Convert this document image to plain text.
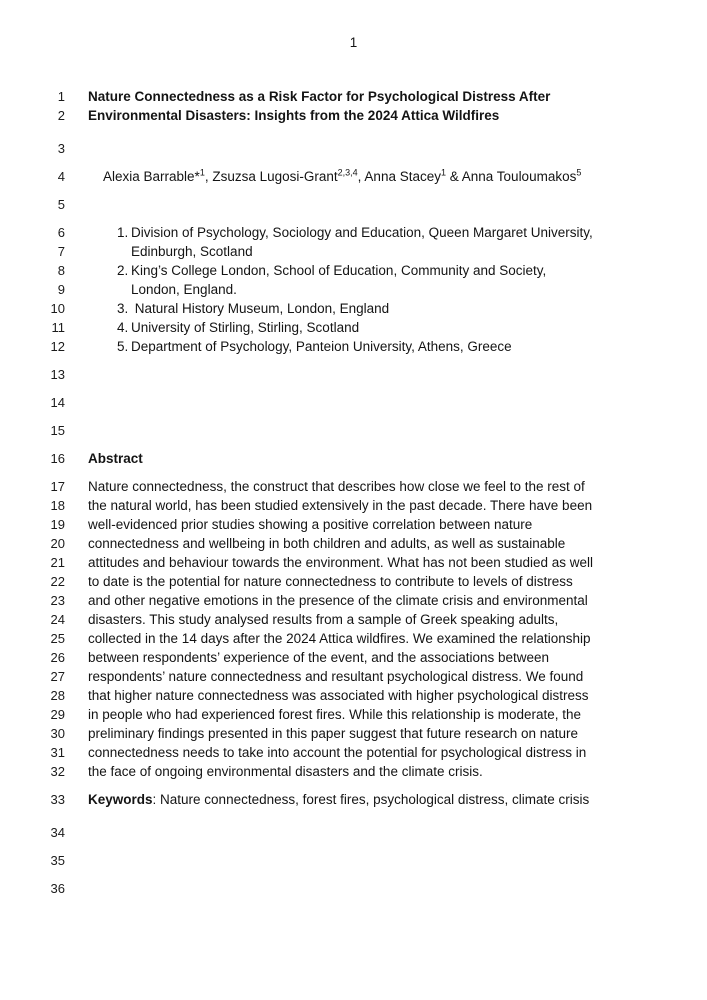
1
1 Nature Connectedness as a Risk Factor for Psychological Distress After
2 Environmental Disasters: Insights from the 2024 Attica Wildfires
3
4	Alexia Barrable*$^1$, Zsuzsa Lugosi-Grant$^{2,3,4}$, Anna Stacey$^1$ & Anna Touloumakos$^5$
5
6	1. Division of Psychology, Sociology and Education, Queen Margaret University,
7	Edinburgh, Scotland
8	2. King’s College London, School of Education, Community and Society,
9	London, England.
10	3. Natural History Museum, London, England
11	4. University of Stirling, Stirling, Scotland
12	5. Department of Psychology, Panteion University, Athens, Greece
13
14
15
16 Abstract
17 Nature connectedness, the construct that describes how close we feel to the rest of
18 the natural world, has been studied extensively in the past decade. There have been
19 well-evidenced prior studies showing a positive correlation between nature
20 connectedness and wellbeing in both children and adults, as well as sustainable
21 attitudes and behaviour towards the environment. What has not been studied as well
22 to date is the potential for nature connectedness to contribute to levels of distress
23 and other negative emotions in the presence of the climate crisis and environmental
24 disasters. This study analysed results from a sample of Greek speaking adults,
25 collected in the 14 days after the 2024 Attica wildfires. We examined the relationship
26 between respondents’ experience of the event, and the associations between
27 respondents’ nature connectedness and resultant psychological distress. We found
28 that higher nature connectedness was associated with higher psychological distress
29 in people who had experienced forest fires. While this relationship is moderate, the
30 preliminary findings presented in this paper suggest that future research on nature
31 connectedness needs to take into account the potential for psychological distress in
32 the face of ongoing environmental disasters and the climate crisis.
33 Keywords: Nature connectedness, forest fires, psychological distress, climate crisis
34
35
36
